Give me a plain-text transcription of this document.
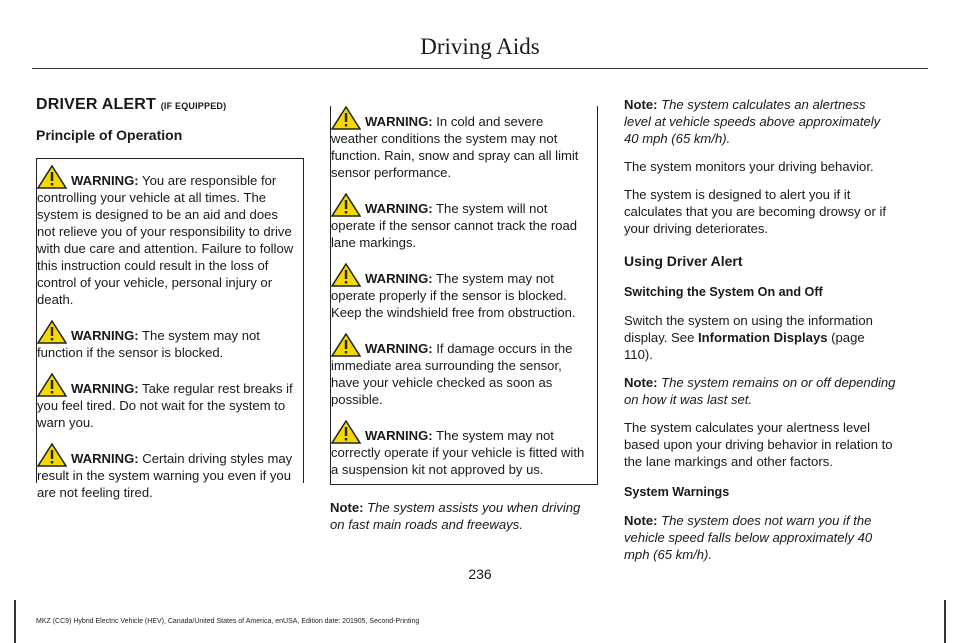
Driving Aids
DRIVER ALERT (IF EQUIPPED)
Principle of Operation
WARNING: You are responsible for controlling your vehicle at all times. The system is designed to be an aid and does not relieve you of your responsibility to drive with due care and attention. Failure to follow this instruction could result in the loss of control of your vehicle, personal injury or death.
WARNING: The system may not function if the sensor is blocked.
WARNING: Take regular rest breaks if you feel tired. Do not wait for the system to warn you.
WARNING: Certain driving styles may result in the system warning you even if you are not feeling tired.
WARNING: In cold and severe weather conditions the system may not function. Rain, snow and spray can all limit sensor performance.
WARNING: The system will not operate if the sensor cannot track the road lane markings.
WARNING: The system may not operate properly if the sensor is blocked. Keep the windshield free from obstruction.
WARNING: If damage occurs in the immediate area surrounding the sensor, have your vehicle checked as soon as possible.
WARNING: The system may not correctly operate if your vehicle is fitted with a suspension kit not approved by us.

Note: The system assists you when driving on fast main roads and freeways.

Note: The system calculates an alertness level at vehicle speeds above approximately 40 mph (65 km/h).

The system monitors your driving behavior.

The system is designed to alert you if it calculates that you are becoming drowsy or if your driving deteriorates.

Using Driver Alert
Switching the System On and Off

Switch the system on using the information display. See Information Displays (page 110).

Note: The system remains on or off depending on how it was last set.

The system calculates your alertness level based upon your driving behavior in relation to the lane markings and other factors.

System Warnings

Note: The system does not warn you if the vehicle speed falls below approximately 40 mph (65 km/h).

236
MKZ (CC9) Hybrid Electric Vehicle (HEV), Canada/United States of America, enUSA, Edition date: 201905, Second-Printing
